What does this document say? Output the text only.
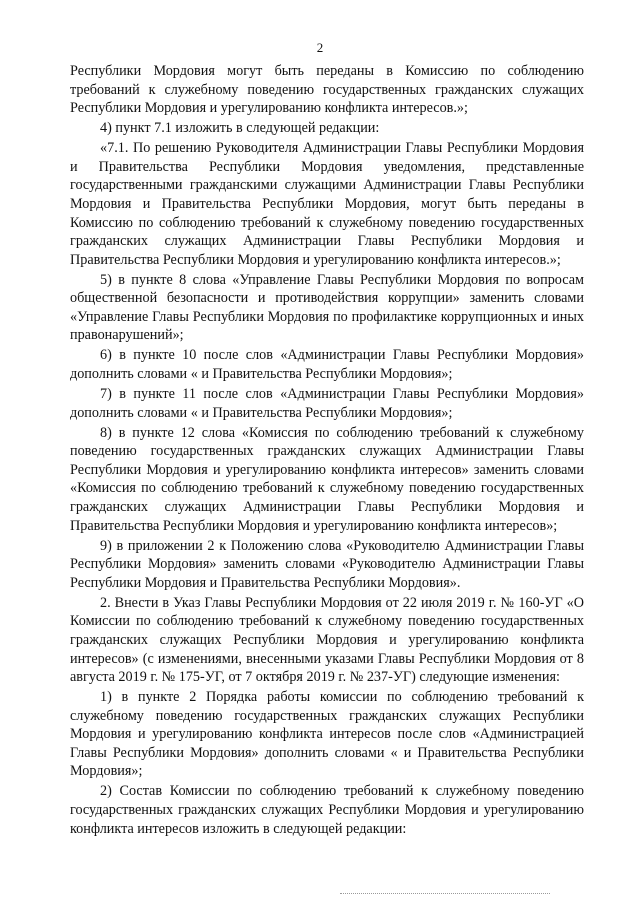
2

Республики Мордовия могут быть переданы в Комиссию по соблюдению требований к служебному поведению государственных гражданских служащих Республики Мордовия и урегулированию конфликта интересов.»;

4) пункт 7.1 изложить в следующей редакции:

«7.1. По решению Руководителя Администрации Главы Республики Мордовия и Правительства Республики Мордовия уведомления, представленные государственными гражданскими служащими Администрации Главы Республики Мордовия и Правительства Республики Мордовия, могут быть переданы в Комиссию по соблюдению требований к служебному поведению государственных гражданских служащих Администрации Главы Республики Мордовия и Правительства Республики Мордовия и урегулированию конфликта интересов.»;

5) в пункте 8 слова «Управление Главы Республики Мордовия по вопросам общественной безопасности и противодействия коррупции» заменить словами «Управление Главы Республики Мордовия по профилактике коррупционных и иных правонарушений»;

6) в пункте 10 после слов «Администрации Главы Республики Мордовия» дополнить словами « и Правительства Республики Мордовия»;

7) в пункте 11 после слов «Администрации Главы Республики Мордовия» дополнить словами « и Правительства Республики Мордовия»;

8) в пункте 12 слова «Комиссия по соблюдению требований к служебному поведению государственных гражданских служащих Администрации Главы Республики Мордовия и урегулированию конфликта интересов» заменить словами «Комиссия по соблюдению требований к служебному поведению государственных гражданских служащих Администрации Главы Республики Мордовия и Правительства Республики Мордовия и урегулированию конфликта интересов»;

9) в приложении 2 к Положению слова «Руководителю Администрации Главы Республики Мордовия» заменить словами «Руководителю Администрации Главы Республики Мордовия и Правительства Республики Мордовия».

2. Внести в Указ Главы Республики Мордовия от 22 июля 2019 г. № 160-УГ «О Комиссии по соблюдению требований к служебному поведению государственных гражданских служащих Республики Мордовия и урегулированию конфликта интересов» (с изменениями, внесенными указами Главы Республики Мордовия от 8 августа 2019 г. № 175-УГ, от 7 октября 2019 г. № 237-УГ) следующие изменения:

1) в пункте 2 Порядка работы комиссии по соблюдению требований к служебному поведению государственных гражданских служащих Республики Мордовия и урегулированию конфликта интересов после слов «Администрацией Главы Республики Мордовия» дополнить словами « и Правительства Республики Мордовия»;

2) Состав Комиссии по соблюдению требований к служебному поведению государственных гражданских служащих Республики Мордовия и урегулированию конфликта интересов изложить в следующей редакции:
